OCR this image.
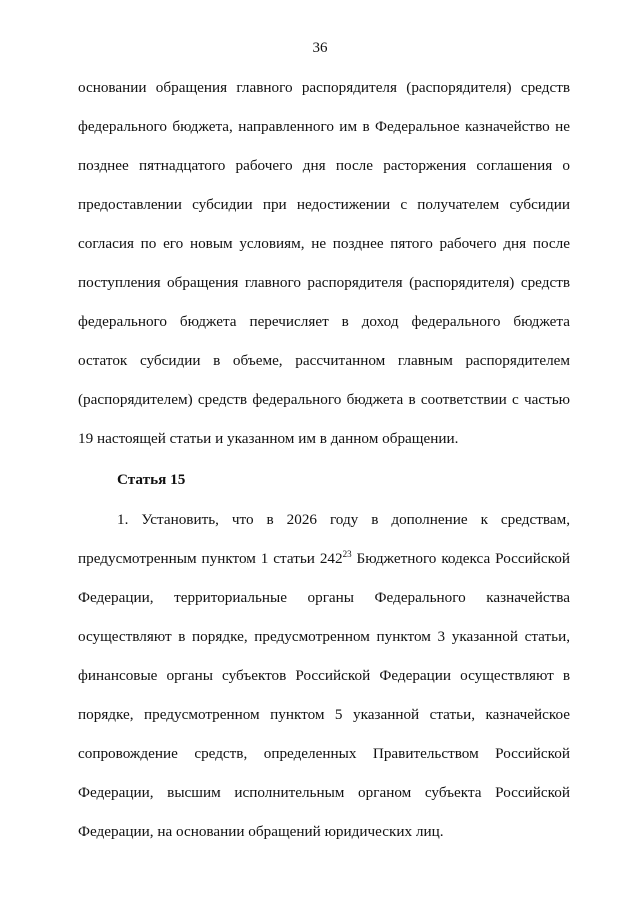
36
основании обращения главного распорядителя (распорядителя) средств
федерального бюджета, направленного им в Федеральное казначейство не
позднее пятнадцатого рабочего дня после расторжения соглашения о
предоставлении субсидии при недостижении с получателем субсидии
согласия по его новым условиям, не позднее пятого рабочего дня после
поступления обращения главного распорядителя (распорядителя) средств
федерального бюджета перечисляет в доход федерального бюджета
остаток субсидии в объеме, рассчитанном главным распорядителем
(распорядителем) средств федерального бюджета в соответствии с частью
19 настоящей статьи и указанном им в данном обращении.
Статья 15
1. Установить, что в 2026 году в дополнение к средствам,
предусмотренным пунктом 1 статьи $242^{23}$ Бюджетного кодекса Российской
Федерации, территориальные органы Федерального казначейства
осуществляют в порядке, предусмотренном пунктом 3 указанной статьи,
финансовые органы субъектов Российской Федерации осуществляют в
порядке, предусмотренном пунктом 5 указанной статьи, казначейское
сопровождение средств, определенных Правительством Российской
Федерации, высшим исполнительным органом субъекта Российской
Федерации, на основании обращений юридических лиц.
